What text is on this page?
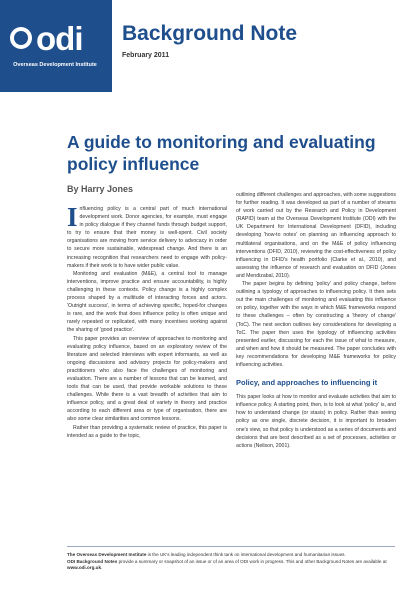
odi
Overseas Development Institute
Background Note
February 2011
A guide to monitoring and evaluating policy influence
By Harry Jones

Influencing policy is a central part of much international development work. Donor agencies, for example, must engage in policy dialogue if they channel funds through budget support, to try to ensure that their money is well-spent. Civil society organisations are moving from service delivery to advocacy in order to secure more sustainable, widespread change. And there is an increasing recognition that researchers need to engage with policy-makers if their work is to have wider public value.

Monitoring and evaluation (M&E), a central tool to manage interventions, improve practice and ensure accountability, is highly challenging in these contexts. Policy change is a highly complex process shaped by a multitude of interacting forces and actors. 'Outright success', in terms of achieving specific, hoped-for changes is rare, and the work that does influence policy is often unique and rarely repeated or replicated, with many incentives working against the sharing of 'good practice'.

This paper provides an overview of approaches to monitoring and evaluating policy influence, based on an exploratory review of the literature and selected interviews with expert informants, as well as ongoing discussions and advisory projects for policy-makers and practitioners who also face the challenges of monitoring and evaluation. There are a number of lessons that can be learned, and tools that can be used, that provide workable solutions to these challenges. While there is a vast breadth of activities that aim to influence policy, and a great deal of variety in theory and practice according to each different area or type of organisation, there are also some clear similarities and common lessons.

Rather than providing a systematic review of practice, this paper is intended as a guide to the topic,

outlining different challenges and approaches, with some suggestions for further reading. It was developed as part of a number of streams of work carried out by the Research and Policy in Development (RAPID) team at the Overseas Development Institute (ODI) with the UK Department for International Development (DFID), including developing 'how-to notes' on planning an influencing approach to multilateral organisations, and on the M&E of policy influencing interventions (DFID, 2010), reviewing the cost-effectiveness of policy influencing in DFID's health portfolio (Clarke et al., 2010), and assessing the influence of research and evaluation on DFID (Jones and Mendizabal, 2010).

The paper begins by defining 'policy' and policy change, before outlining a typology of approaches to influencing policy. It then sets out the main challenges of monitoring and evaluating this influence on policy, together with the ways in which M&E frameworks respond to these challenges – often by constructing a 'theory of change' (ToC). The next section outlines key considerations for developing a ToC. The paper then uses the typology of influencing activities presented earlier, discussing for each the issue of what to measure, and when and how it should be measured. The paper concludes with key recommendations for developing M&E frameworks for policy influencing activities.

Policy, and approaches to influencing it

This paper looks at how to monitor and evaluate activities that aim to influence policy. A starting point, then, is to look at what 'policy' is, and how to understand change (or stasis) in policy. Rather than seeing policy as one single, discrete decision, it is important to broaden one's view, so that policy is understood as a series of documents and decisions that are best described as a set of processes, activities or actions (Neilson, 2001).

The Overseas Development Institute is the UK's leading independent think tank on international development and humanitarian issues.
ODI Background Notes provide a summary or snapshot of an issue or of an area of ODI work in progress. This and other Background Notes are available at www.odi.org.uk.
